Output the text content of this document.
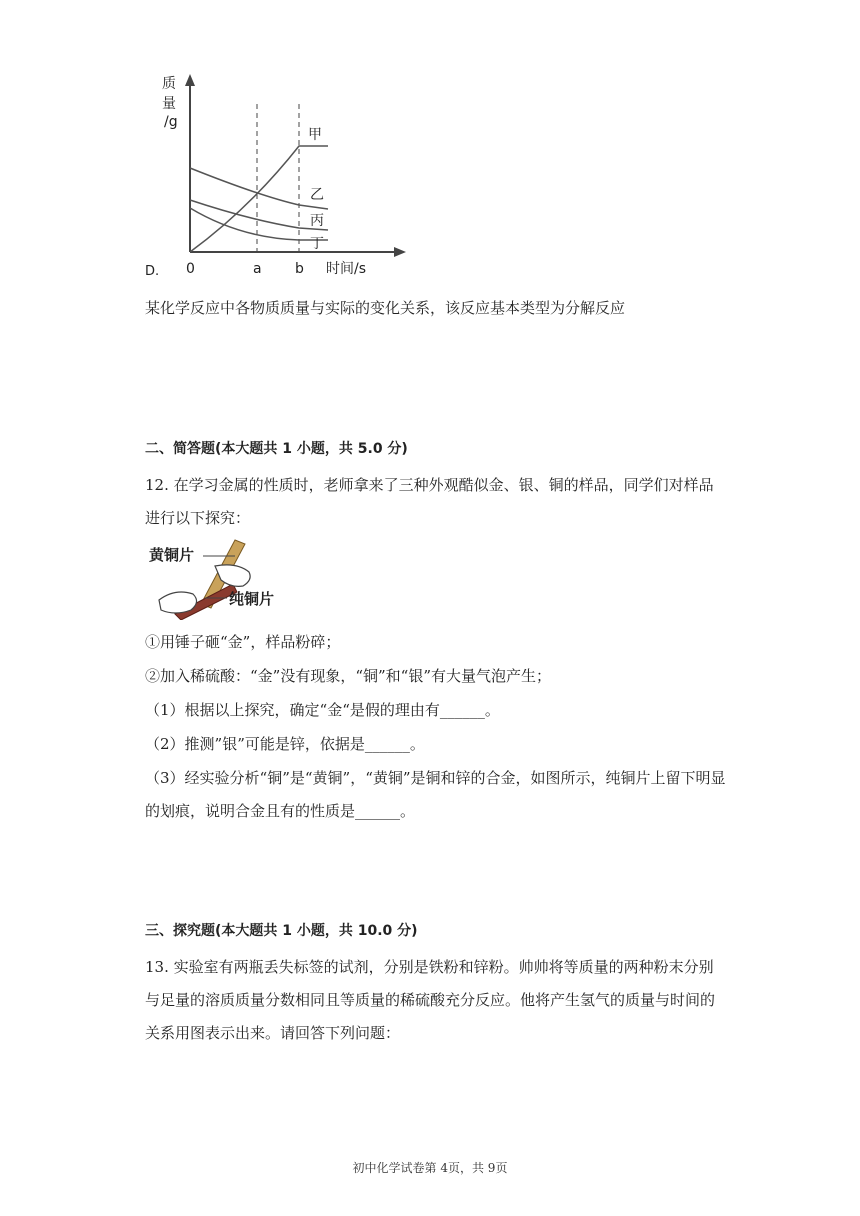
质
量
/g
甲
乙
丙
丁
0	a b 时间/s
D.
某化学反应中各物质质量与实际的变化关系，该反应基本类型为分解反应
二、简答题(本大题共 1 小题，共 5.0 分)
12. 在学习金属的性质时，老师拿来了三种外观酷似金、银、铜的样品，同学们对样品
进行以下探究：
黄铜片
纯铜片
①用锤子砸“金”，样品粉碎；
②加入稀硫酸：“金”没有现象，“铜”和“银”有大量气泡产生；
（1）根据以上探究，确定“金“是假的理由有______。
（2）推测”银”可能是锌，依据是______。
（3）经实验分析“铜”是“黄铜”，“黄铜”是铜和锌的合金，如图所示，纯铜片上留下明显
的划痕，说明合金且有的性质是______。
三、探究题(本大题共 1 小题，共 10.0 分)
13. 实验室有两瓶丢失标签的试剂，分别是铁粉和锌粉。帅帅将等质量的两种粉末分别
与足量的溶质质量分数相同且等质量的稀硫酸充分反应。他将产生氢气的质量与时间的
关系用图表示出来。请回答下列问题：
初中化学试卷第 4页，共 9页
